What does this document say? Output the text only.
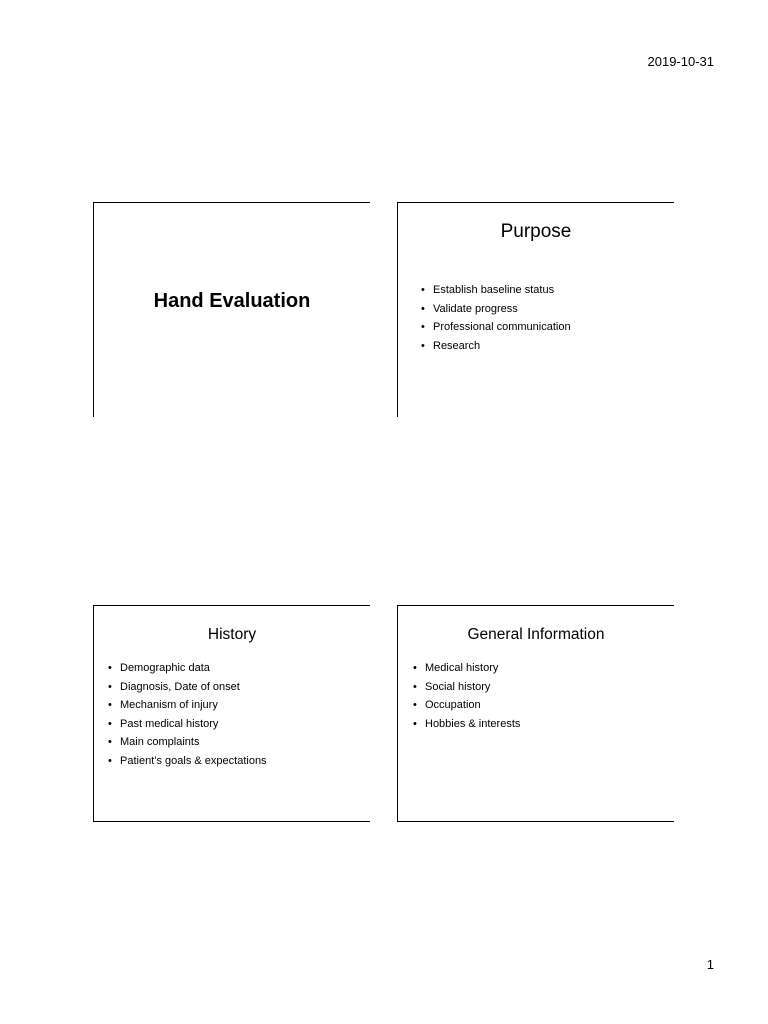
2019-10-31
Hand Evaluation
Purpose
• Establish baseline status
• Validate progress
• Professional communication
• Research
History
• Demographic data
• Diagnosis, Date of onset
• Mechanism of injury
• Past medical history
• Main complaints
• Patient’s goals & expectations
General Information
• Medical history
• Social history
• Occupation
• Hobbies & interests
1
